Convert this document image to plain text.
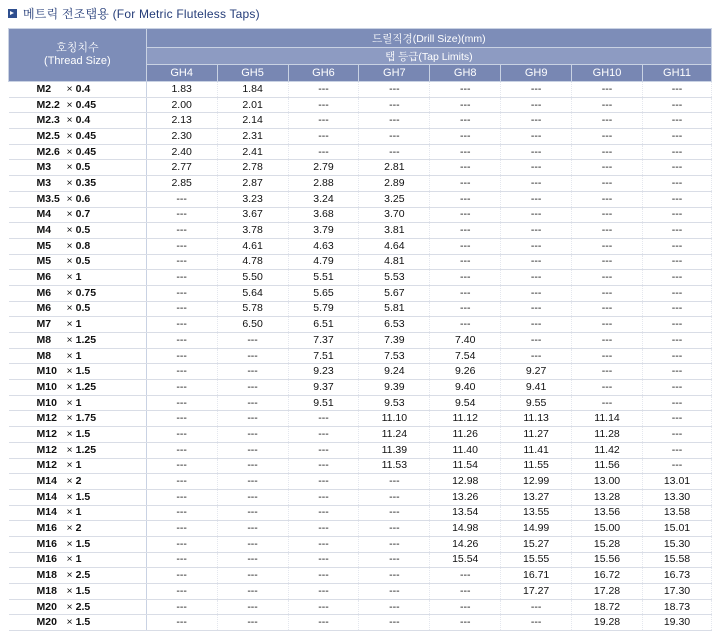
메트릭 전조탭용 (For Metric Fluteless Taps)
호칭치수
(Thread Size)	드릴직경(Drill Size)(mm)							
	탭 등급(Tap Limits)							
	GH4	GH5	GH6	GH7	GH8	GH9	GH10	GH11
M2 × 0.4	1.83	1.84	---	---	---	---	---	---
M2.2 × 0.45	2.00	2.01	---	---	---	---	---	---
M2.3 × 0.4	2.13	2.14	---	---	---	---	---	---
M2.5 × 0.45	2.30	2.31	---	---	---	---	---	---
M2.6 × 0.45	2.40	2.41	---	---	---	---	---	---
M3 × 0.5	2.77	2.78	2.79	2.81	---	---	---	---
M3 × 0.35	2.85	2.87	2.88	2.89	---	---	---	---
M3.5 × 0.6	---	3.23	3.24	3.25	---	---	---	---
M4 × 0.7	---	3.67	3.68	3.70	---	---	---	---
M4 × 0.5	---	3.78	3.79	3.81	---	---	---	---
M5 × 0.8	---	4.61	4.63	4.64	---	---	---	---
M5 × 0.5	---	4.78	4.79	4.81	---	---	---	---
M6 × 1	---	5.50	5.51	5.53	---	---	---	---
M6 × 0.75	---	5.64	5.65	5.67	---	---	---	---
M6 × 0.5	---	5.78	5.79	5.81	---	---	---	---
M7 × 1	---	6.50	6.51	6.53	---	---	---	---
M8 × 1.25	---	---	7.37	7.39	7.40	---	---	---
M8 × 1	---	---	7.51	7.53	7.54	---	---	---
M10 × 1.5	---	---	9.23	9.24	9.26	9.27	---	---
M10 × 1.25	---	---	9.37	9.39	9.40	9.41	---	---
M10 × 1	---	---	9.51	9.53	9.54	9.55	---	---
M12 × 1.75	---	---	---	11.10	11.12	11.13	11.14	---
M12 × 1.5	---	---	---	11.24	11.26	11.27	11.28	---
M12 × 1.25	---	---	---	11.39	11.40	11.41	11.42	---
M12 × 1	---	---	---	11.53	11.54	11.55	11.56	---
M14 × 2	---	---	---	---	12.98	12.99	13.00	13.01
M14 × 1.5	---	---	---	---	13.26	13.27	13.28	13.30
M14 × 1	---	---	---	---	13.54	13.55	13.56	13.58
M16 × 2	---	---	---	---	14.98	14.99	15.00	15.01
M16 × 1.5	---	---	---	---	14.26	15.27	15.28	15.30
M16 × 1	---	---	---	---	15.54	15.55	15.56	15.58
M18 × 2.5	---	---	---	---	---	16.71	16.72	16.73
M18 × 1.5	---	---	---	---	---	17.27	17.28	17.30
M20 × 2.5	---	---	---	---	---	---	18.72	18.73
M20 × 1.5	---	---	---	---	---	---	19.28	19.30
